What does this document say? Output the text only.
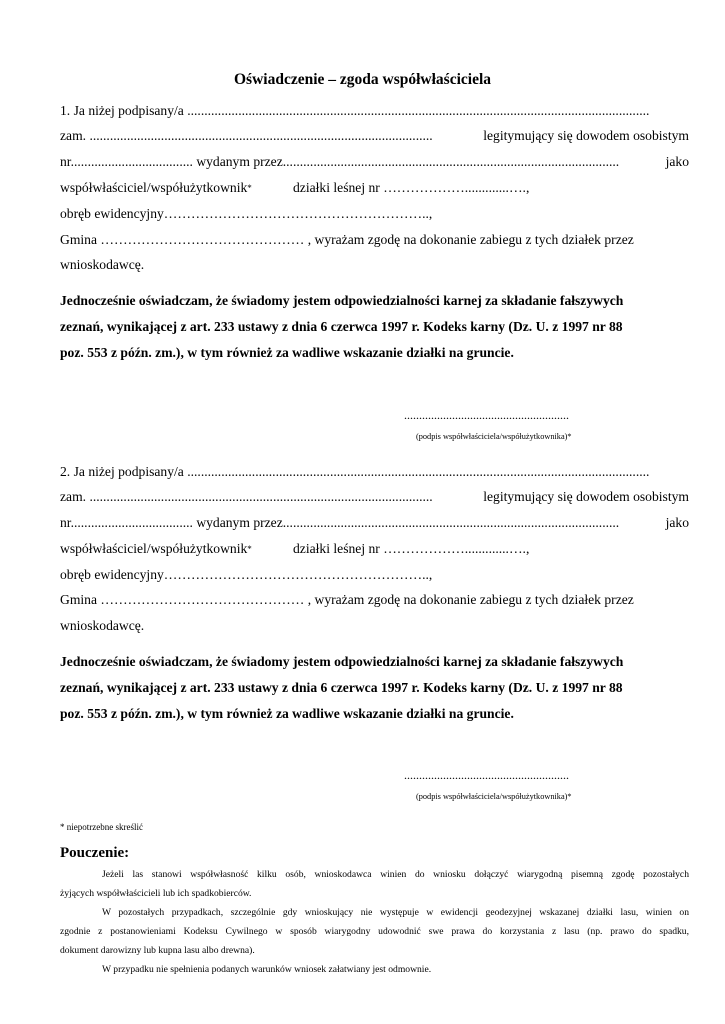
Oświadczenie – zgoda współwłaściciela
1. Ja niżej podpisany/a ........................................................................................................................................
zam. .....................................................................................................	legitymujący się dowodem osobistym
nr.................................... wydanym przez...................................................................................................	jako
współwłaściciel/współużytkownik*	działki leśnej nr ……………….............….,
obręb ewidencyjny…………………………………………………..,
Gmina ……………………………………… , wyrażam zgodę na dokonanie zabiegu z tych działek przez
wnioskodawcę.
Jednocześnie oświadczam, że świadomy jestem odpowiedzialności karnej za składanie fałszywych
zeznań, wynikającej z art. 233 ustawy z dnia 6 czerwca 1997 r. Kodeks karny (Dz. U. z 1997 nr 88
poz. 553 z późn. zm.), w tym również za wadliwe wskazanie działki na gruncie.
.......................................................
(podpis współwłaściciela/współużytkownika)*
2. Ja niżej podpisany/a ........................................................................................................................................
zam. .....................................................................................................	legitymujący się dowodem osobistym
nr.................................... wydanym przez...................................................................................................	jako
współwłaściciel/współużytkownik*	działki leśnej nr ……………….............….,
obręb ewidencyjny…………………………………………………..,
Gmina ……………………………………… , wyrażam zgodę na dokonanie zabiegu z tych działek przez
wnioskodawcę.
Jednocześnie oświadczam, że świadomy jestem odpowiedzialności karnej za składanie fałszywych
zeznań, wynikającej z art. 233 ustawy z dnia 6 czerwca 1997 r. Kodeks karny (Dz. U. z 1997 nr 88
poz. 553 z późn. zm.), w tym również za wadliwe wskazanie działki na gruncie.
.......................................................
(podpis współwłaściciela/współużytkownika)*
* niepotrzebne skreślić
Pouczenie:
Jeżeli las stanowi współwłasność kilku osób, wnioskodawca winien do wniosku dołączyć wiarygodną pisemną zgodę pozostałych
żyjących współwłaścicieli lub ich spadkobierców.
W pozostałych przypadkach, szczególnie gdy wnioskujący nie występuje w ewidencji geodezyjnej wskazanej działki lasu, winien on
zgodnie z postanowieniami Kodeksu Cywilnego w sposób wiarygodny udowodnić swe prawa do korzystania z lasu (np. prawo do spadku,
dokument darowizny lub kupna lasu albo drewna).
W przypadku nie spełnienia podanych warunków wniosek załatwiany jest odmownie.
